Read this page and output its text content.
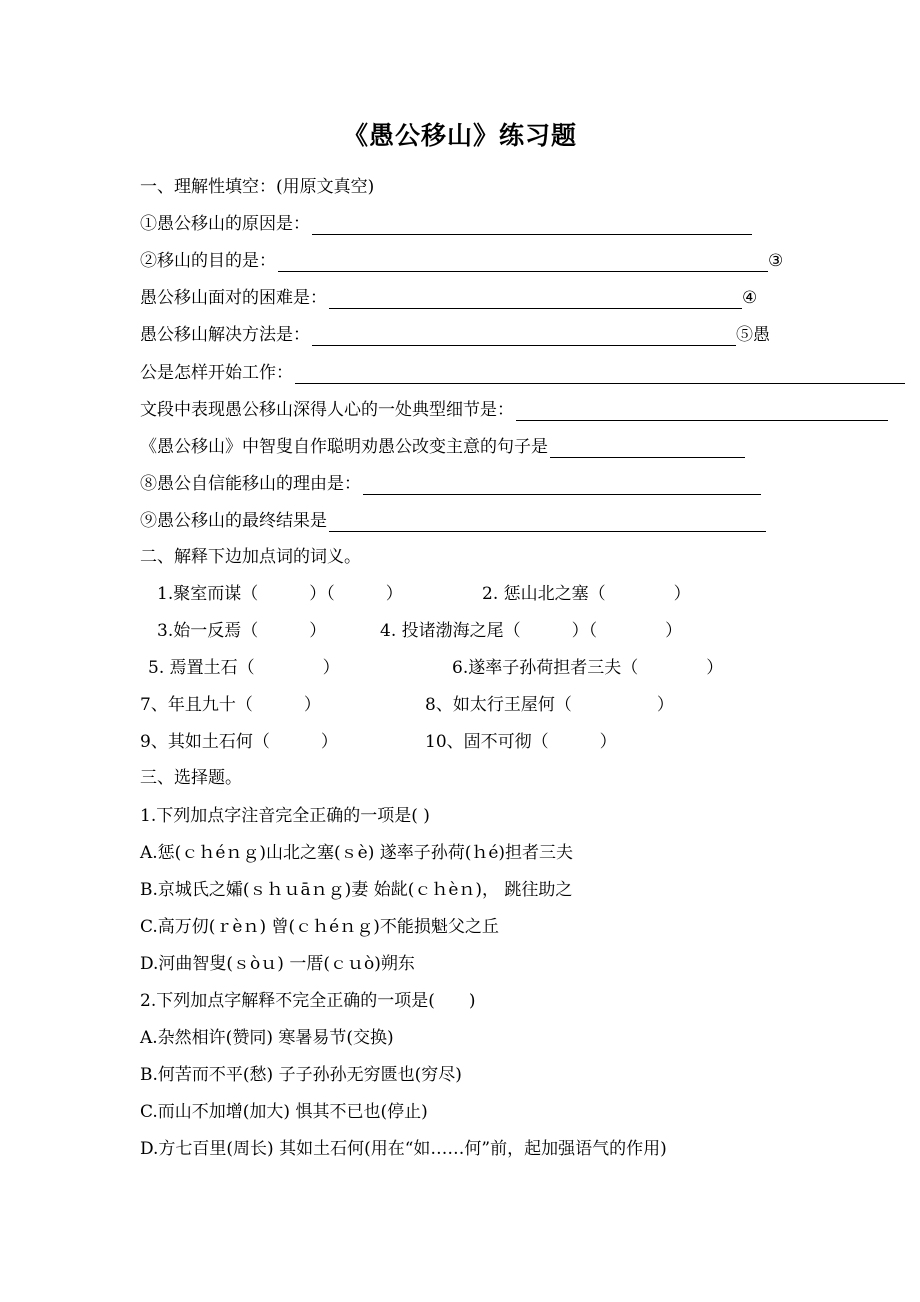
《愚公移山》练习题
一、理解性填空：(用原文真空)
①愚公移山的原因是：
②移山的目的是：	③
愚公移山面对的困难是：	④
愚公移山解决方法是：	⑤愚
公是怎样开始工作：
文段中表现愚公移山深得人心的一处典型细节是：
《愚公移山》中智叟自作聪明劝愚公改变主意的句子是
⑧愚公自信能移山的理由是：
⑨愚公移山的最终结果是
二、解释下边加点词的词义。
1.聚室而谋（　　　）（　　　）	2. 惩山北之塞（　　　　）
3.始一反焉（　　　）	4. 投诸渤海之尾（　　　）（　　　　）
5. 焉置土石（　　　　）	6.遂率子孙荷担者三夫（　　　　）
7、年且九十（　　　）	8、如太行王屋何（　　　　　）
9、其如土石何（　　　）	10、固不可彻（　　　）
三、选择题。
1.下列加点字注音完全正确的一项是( )
A.惩(ｃｈéｎｇ)山北之塞(ｓè) 遂率子孙荷(ｈé)担者三夫
B.京城氏之孀(ｓｈｕāｎｇ)妻 始龀(ｃｈèｎ)， 跳往助之
C.高万仞(ｒèｎ) 曾(ｃｈéｎｇ)不能损魁父之丘
D.河曲智叟(ｓòｕ) 一厝(ｃｕò)朔东
2.下列加点字解释不完全正确的一项是(　　)
A.杂然相许(赞同) 寒暑易节(交换)
B.何苦而不平(愁) 子子孙孙无穷匮也(穷尽)
C.而山不加增(加大) 惧其不已也(停止)
D.方七百里(周长) 其如土石何(用在“如……何”前，起加强语气的作用)
